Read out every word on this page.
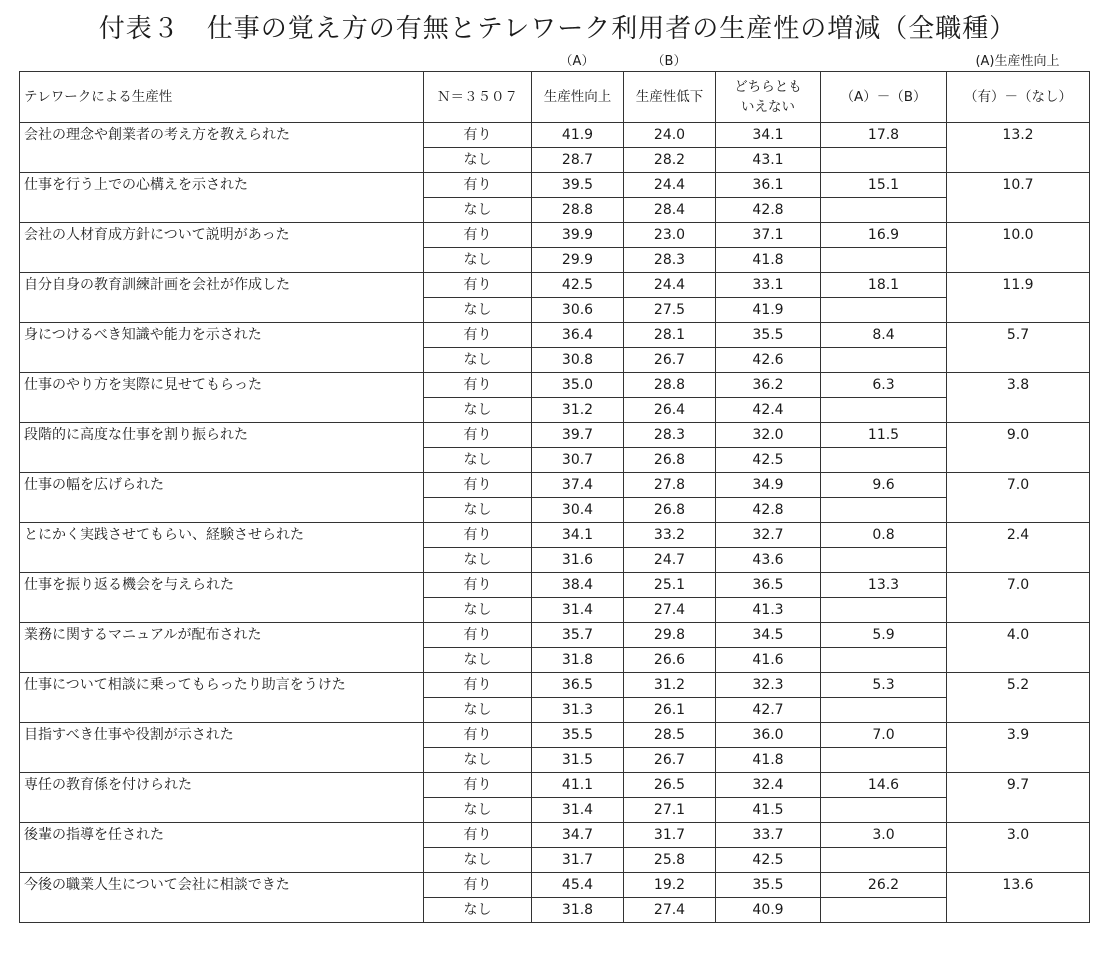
付表３　仕事の覚え方の有無とテレワーク利用者の生産性の増減（全職種）
（A）	（B）	(A)生産性向上
テレワークによる生産性	Ｎ＝３５０７	生産性向上	生産性低下	どちらとも
いえない	（A）－（B）	（有）－（なし）
会社の理念や創業者の考え方を教えられた	有り	41.9	24.0	34.1	17.8	13.2
	なし	28.7	28.2	43.1		
仕事を行う上での心構えを示された	有り	39.5	24.4	36.1	15.1	10.7
	なし	28.8	28.4	42.8		
会社の人材育成方針について説明があった	有り	39.9	23.0	37.1	16.9	10.0
	なし	29.9	28.3	41.8		
自分自身の教育訓練計画を会社が作成した	有り	42.5	24.4	33.1	18.1	11.9
	なし	30.6	27.5	41.9		
身につけるべき知識や能力を示された	有り	36.4	28.1	35.5	8.4	5.7
	なし	30.8	26.7	42.6		
仕事のやり方を実際に見せてもらった	有り	35.0	28.8	36.2	6.3	3.8
	なし	31.2	26.4	42.4		
段階的に高度な仕事を割り振られた	有り	39.7	28.3	32.0	11.5	9.0
	なし	30.7	26.8	42.5		
仕事の幅を広げられた	有り	37.4	27.8	34.9	9.6	7.0
	なし	30.4	26.8	42.8		
とにかく実践させてもらい、経験させられた	有り	34.1	33.2	32.7	0.8	2.4
	なし	31.6	24.7	43.6		
仕事を振り返る機会を与えられた	有り	38.4	25.1	36.5	13.3	7.0
	なし	31.4	27.4	41.3		
業務に関するマニュアルが配布された	有り	35.7	29.8	34.5	5.9	4.0
	なし	31.8	26.6	41.6		
仕事について相談に乗ってもらったり助言をうけた	有り	36.5	31.2	32.3	5.3	5.2
	なし	31.3	26.1	42.7		
目指すべき仕事や役割が示された	有り	35.5	28.5	36.0	7.0	3.9
	なし	31.5	26.7	41.8		
専任の教育係を付けられた	有り	41.1	26.5	32.4	14.6	9.7
	なし	31.4	27.1	41.5		
後輩の指導を任された	有り	34.7	31.7	33.7	3.0	3.0
	なし	31.7	25.8	42.5		
今後の職業人生について会社に相談できた	有り	45.4	19.2	35.5	26.2	13.6
	なし	31.8	27.4	40.9		
